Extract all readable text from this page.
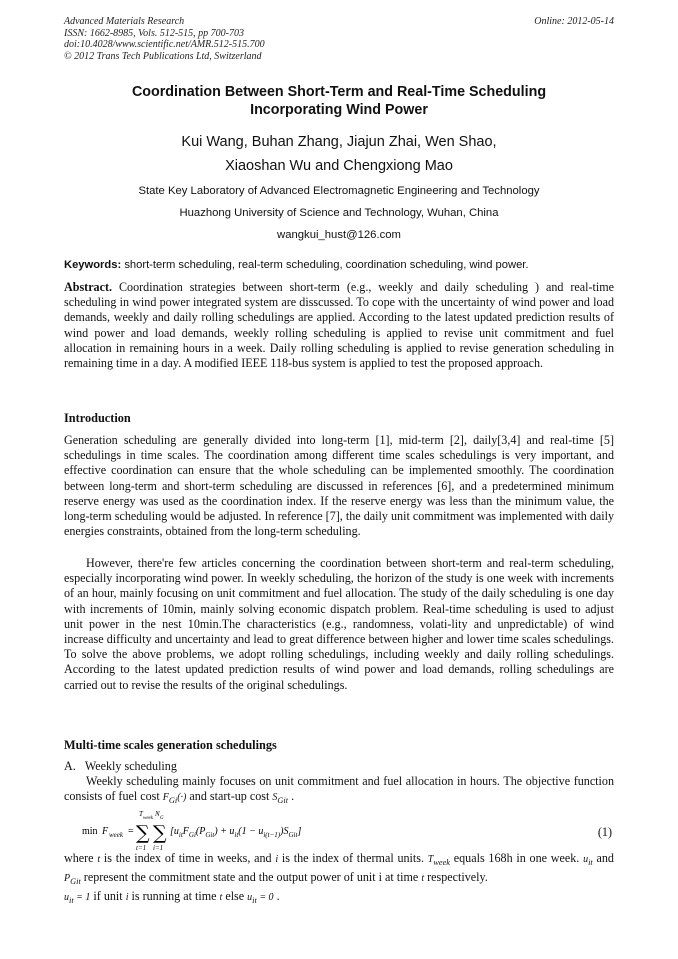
Advanced Materials Research
ISSN: 1662-8985, Vols. 512-515, pp 700-703
doi:10.4028/www.scientific.net/AMR.512-515.700
© 2012 Trans Tech Publications Ltd, Switzerland
Online: 2012-05-14
Coordination Between Short-Term and Real-Time Scheduling
Incorporating Wind Power
Kui Wang, Buhan Zhang, Jiajun Zhai, Wen Shao,
Xiaoshan Wu and Chengxiong Mao
State Key Laboratory of Advanced Electromagnetic Engineering and Technology
Huazhong University of Science and Technology, Wuhan, China
wangkui_hust@126.com
Keywords: short-term scheduling, real-term scheduling, coordination scheduling, wind power.
Abstract. Coordination strategies between short-term (e.g., weekly and daily scheduling ) and real-time scheduling in wind power integrated system are disscussed. To cope with the uncertainty of wind power and load demands, weekly and daily rolling schedulings are applied. According to the latest updated prediction results of wind power and load demands, weekly rolling scheduling is applied to revise unit commitment and fuel allocation in remaining hours in a week. Daily rolling scheduling is applied to revise generation scheduling in remaining time in a day. A modified IEEE 118-bus system is applied to test the proposed approach.
Introduction
Generation scheduling are generally divided into long-term [1], mid-term [2], daily[3,4] and real-time [5] schedulings in time scales. The coordination among different time scales schedulings is very important, and effective coordination can ensure that the whole scheduling can be implemented smoothly. The coordination between long-term and short-term scheduling are discussed in references [6], and a predetermined minimum reserve energy was used as the coordination index. If the reserve energy was less than the minimum value, the long-term scheduling would be adjusted. In reference [7], the daily unit commitment was implemented with daily energies constraints, obtained from the long-term scheduling.
However, there're few articles concerning the coordination between short-term and real-term scheduling, especially incorporating wind power. In weekly scheduling, the horizon of the study is one week with increments of an hour, mainly focusing on unit commitment and fuel allocation. The study of the daily scheduling is one day with increments of 10min, mainly solving economic dispatch problem. Real-time scheduling is used to adjust unit power in the nest 10min.The characteristics (e.g., randomness, volati-lity and unpredictable) of wind increase difficulty and uncertainty and lead to great difference between higher and lower time scales schedulings. To solve the above problems, we adopt rolling schedulings, including weekly and daily rolling schedulings. According to the latest updated prediction results of wind power and load demands, rolling schedulings are carried out to revise the results of the original schedulings.
Multi-time scales generation schedulings
A.   Weekly scheduling
Weekly scheduling mainly focuses on unit commitment and fuel allocation in hours. The objective function consists of fuel cost $F_{Gi}(\cdot)$ and start-up cost $S_{Git}$ .
min F week =
T
week
∑
t=1
N
G
∑
i=1
$[u_{it}F_{Gi}(P_{Git}) + u_{it}(1 - u_{i(t-1)})S_{Git}]$	(1)
where t is the index of time in weeks, and i is the index of thermal units. $T_{week}$ equals 168h in one week. $u_{it}$ and $P_{Git}$ represent the commitment state and the output power of unit i at time t respectively.
$u_{it} = 1$ if unit i is running at time t else $u_{it} = 0$ .
